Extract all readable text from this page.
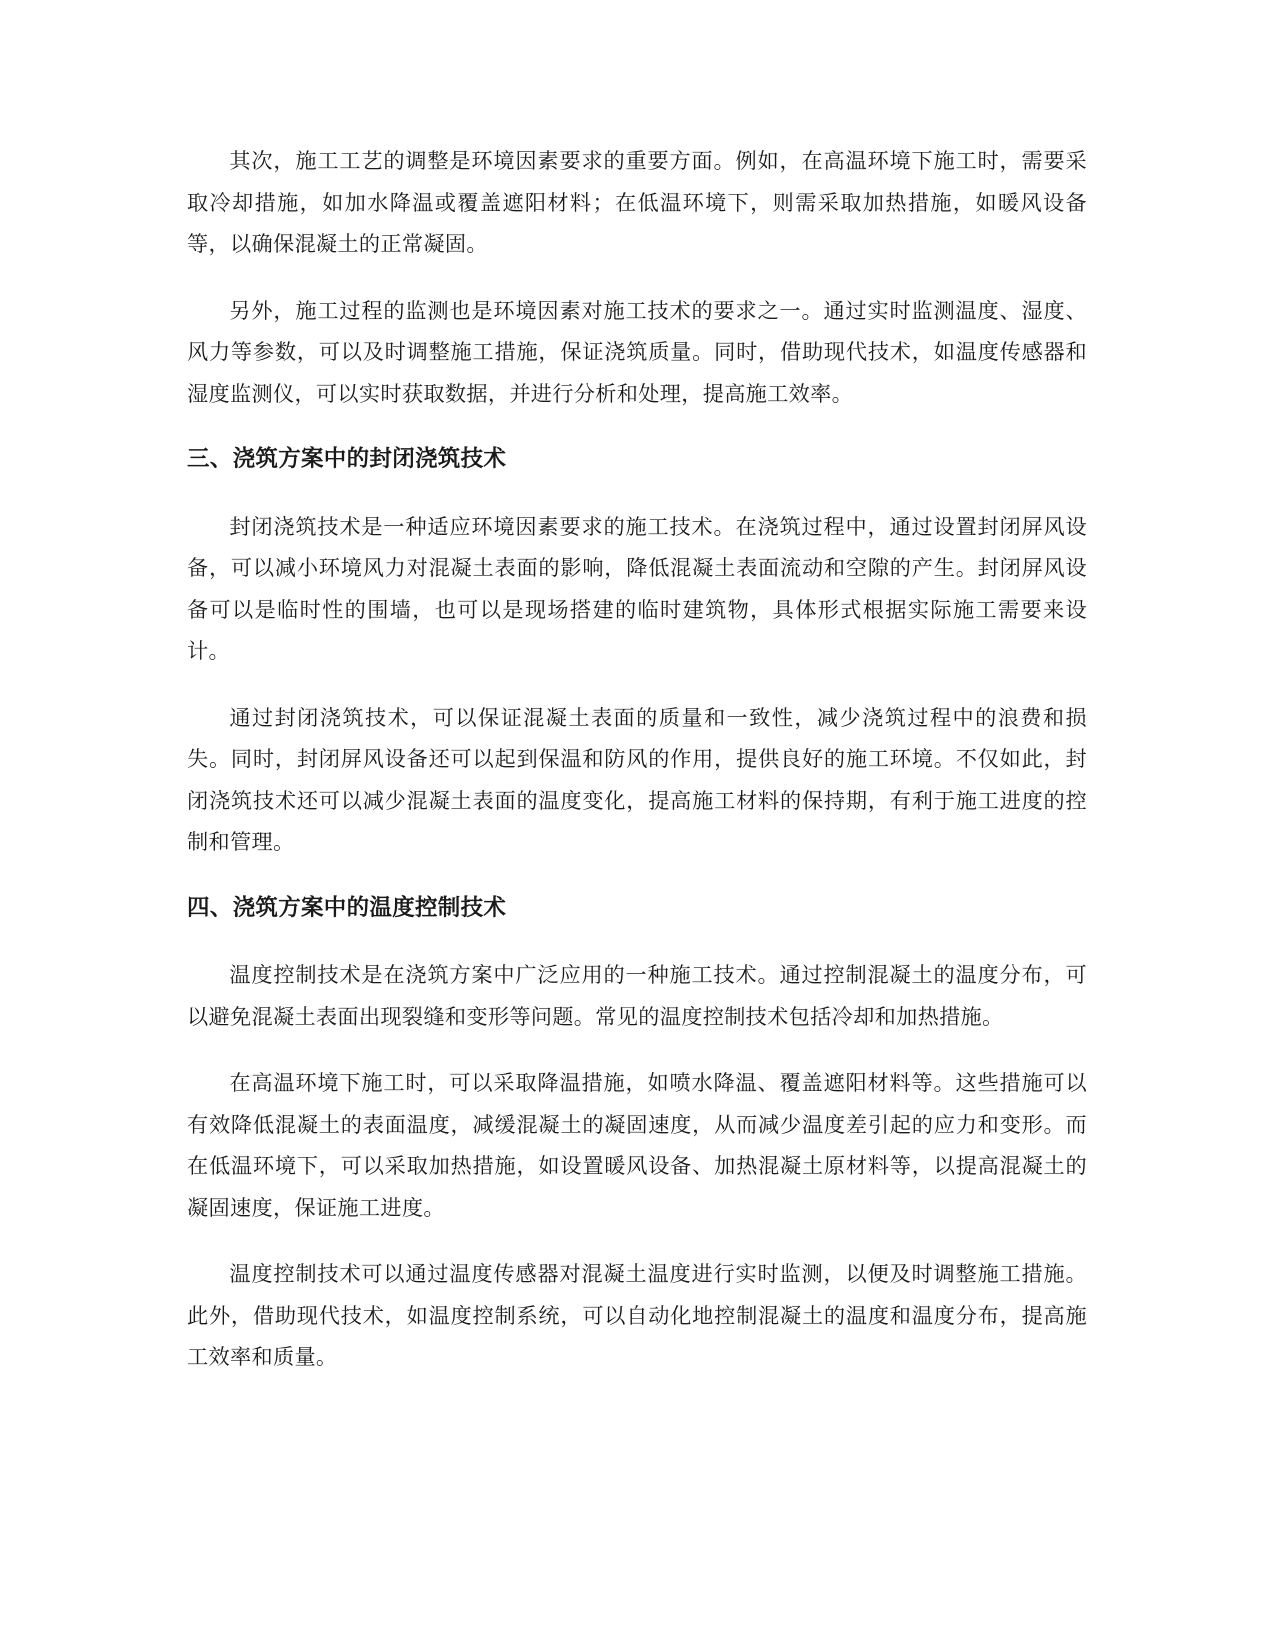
其次，施工工艺的调整是环境因素要求的重要方面。例如，在高温环境下施工时，需要采取冷却措施，如加水降温或覆盖遮阳材料；在低温环境下，则需采取加热措施，如暖风设备等，以确保混凝土的正常凝固。

另外，施工过程的监测也是环境因素对施工技术的要求之一。通过实时监测温度、湿度、风力等参数，可以及时调整施工措施，保证浇筑质量。同时，借助现代技术，如温度传感器和湿度监测仪，可以实时获取数据，并进行分析和处理，提高施工效率。

三、浇筑方案中的封闭浇筑技术

封闭浇筑技术是一种适应环境因素要求的施工技术。在浇筑过程中，通过设置封闭屏风设备，可以减小环境风力对混凝土表面的影响，降低混凝土表面流动和空隙的产生。封闭屏风设备可以是临时性的围墙，也可以是现场搭建的临时建筑物，具体形式根据实际施工需要来设计。

通过封闭浇筑技术，可以保证混凝土表面的质量和一致性，减少浇筑过程中的浪费和损失。同时，封闭屏风设备还可以起到保温和防风的作用，提供良好的施工环境。不仅如此，封闭浇筑技术还可以减少混凝土表面的温度变化，提高施工材料的保持期，有利于施工进度的控制和管理。

四、浇筑方案中的温度控制技术

温度控制技术是在浇筑方案中广泛应用的一种施工技术。通过控制混凝土的温度分布，可以避免混凝土表面出现裂缝和变形等问题。常见的温度控制技术包括冷却和加热措施。

在高温环境下施工时，可以采取降温措施，如喷水降温、覆盖遮阳材料等。这些措施可以有效降低混凝土的表面温度，减缓混凝土的凝固速度，从而减少温度差引起的应力和变形。而在低温环境下，可以采取加热措施，如设置暖风设备、加热混凝土原材料等，以提高混凝土的凝固速度，保证施工进度。

温度控制技术可以通过温度传感器对混凝土温度进行实时监测，以便及时调整施工措施。此外，借助现代技术，如温度控制系统，可以自动化地控制混凝土的温度和温度分布，提高施工效率和质量。
